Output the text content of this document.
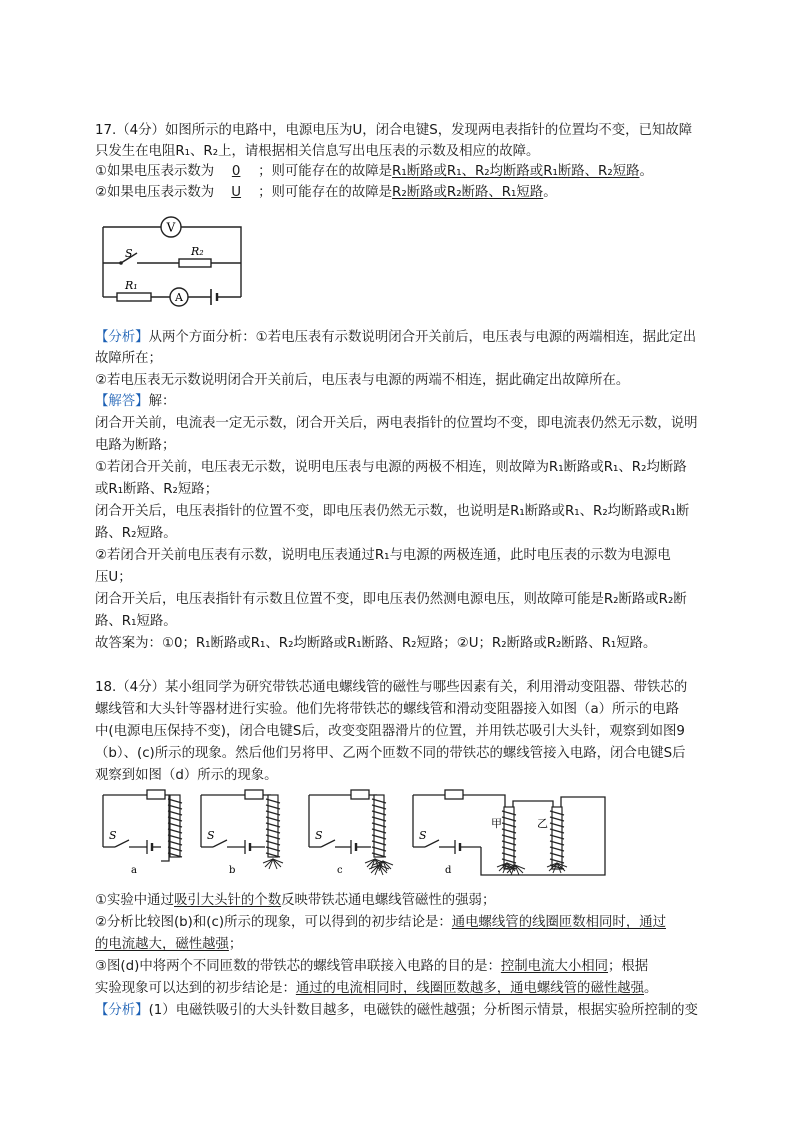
17.（4分）如图所示的电路中，电源电压为U，闭合电键S，发现两电表指针的位置均不变，已知故障
只发生在电阻R₁、R₂上，请根据相关信息写出电压表的示数及相应的故障。
①如果电压表示数为 0 ；则可能存在的故障是R₁断路或R₁、R₂均断路或R₁断路、R₂短路。
②如果电压表示数为 U ；则可能存在的故障是R₂断路或R₂断路、R₁短路。
V
A
S	R₂
R₁
【分析】从两个方面分析：①若电压表有示数说明闭合开关前后，电压表与电源的两端相连，据此定出
故障所在；
②若电压表无示数说明闭合开关前后，电压表与电源的两端不相连，据此确定出故障所在。
【解答】解：
闭合开关前，电流表一定无示数，闭合开关后，两电表指针的位置均不变，即电流表仍然无示数，说明
电路为断路；
①若闭合开关前，电压表无示数，说明电压表与电源的两极不相连，则故障为R₁断路或R₁、R₂均断路
或R₁断路、R₂短路；
闭合开关后，电压表指针的位置不变，即电压表仍然无示数，也说明是R₁断路或R₁、R₂均断路或R₁断
路、R₂短路。
②若闭合开关前电压表有示数，说明电压表通过R₁与电源的两极连通，此时电压表的示数为电源电
压U；
闭合开关后，电压表指针有示数且位置不变，即电压表仍然测电源电压，则故障可能是R₂断路或R₂断
路、R₁短路。
故答案为：①0；R₁断路或R₁、R₂均断路或R₁断路、R₂短路；②U；R₂断路或R₂断路、R₁短路。
18.（4分）某小组同学为研究带铁芯通电螺线管的磁性与哪些因素有关，利用滑动变阻器、带铁芯的
螺线管和大头针等器材进行实验。他们先将带铁芯的螺线管和滑动变阻器接入如图（a）所示的电路
中(电源电压保持不变)，闭合电键S后，改变变阻器滑片的位置，并用铁芯吸引大头针，观察到如图9
（b）、(c)所示的现象。然后他们另将甲、乙两个匝数不同的带铁芯的螺线管接入电路，闭合电键S后
观察到如图（d）所示的现象。
S
a
S
b
S
c
S
d
甲	乙
①实验中通过吸引大头针的个数反映带铁芯通电螺线管磁性的强弱；
②分析比较图(b)和(c)所示的现象，可以得到的初步结论是：通电螺线管的线圈匝数相同时，通过
的电流越大，磁性越强；
③图(d)中将两个不同匝数的带铁芯的螺线管串联接入电路的目的是：控制电流大小相同；根据
实验现象可以达到的初步结论是：通过的电流相同时，线圈匝数越多，通电螺线管的磁性越强。
【分析】(1）电磁铁吸引的大头针数目越多，电磁铁的磁性越强；分析图示情景，根据实验所控制的变
